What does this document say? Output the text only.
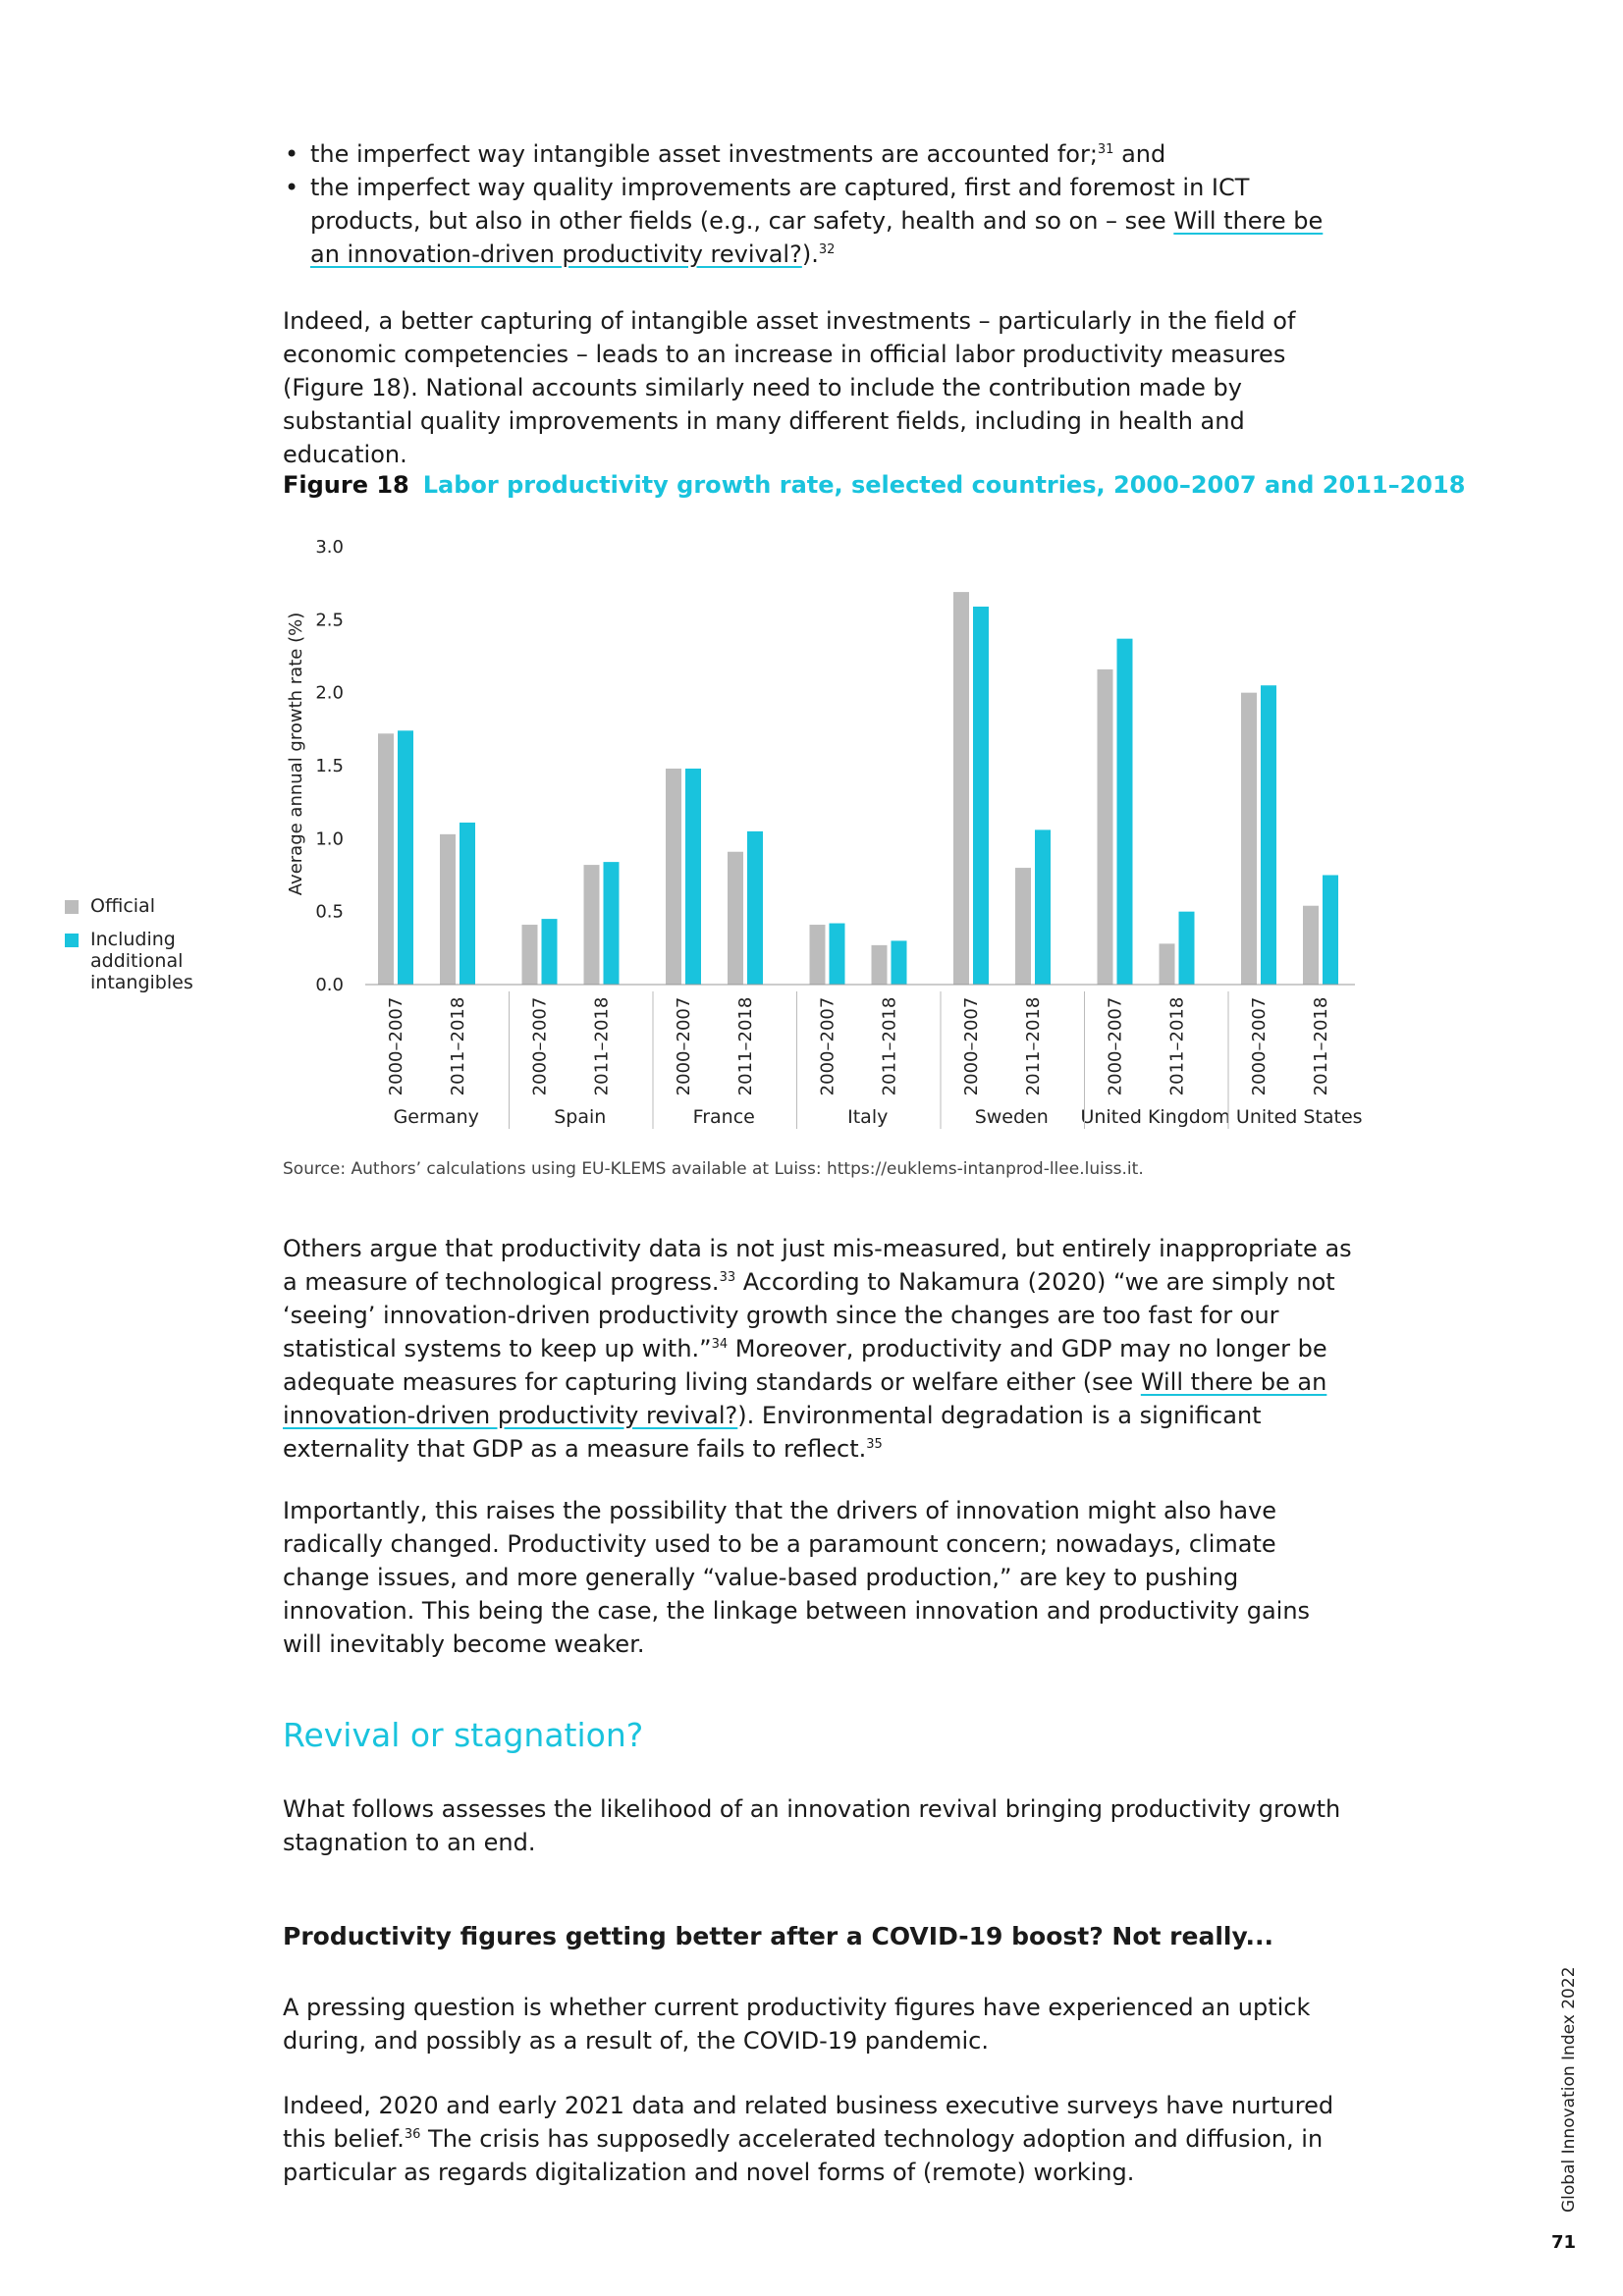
• the imperfect way intangible asset investments are accounted for;$^{31}$ and
• the imperfect way quality improvements are captured, first and foremost in ICT products, but also in other fields (e.g., car safety, health and so on – see Will there be an innovation-driven productivity revival?).$^{32}$

Indeed, a better capturing of intangible asset investments – particularly in the field of economic competencies – leads to an increase in official labor productivity measures (Figure 18). National accounts similarly need to include the contribution made by substantial quality improvements in many different fields, including in health and education.

Figure 18 Labor productivity growth rate, selected countries, 2000–2007 and 2011–2018

Official
Including additional intangibles	0.0
0.5
1.0
1.5
2.0
2.5
3.0
2000–2007 2011–2018
Germany
2000–2007 2011–2018
Spain
2000–2007 2011–2018
France
2000–2007 2011–2018
Italy
2000–2007 2011–2018
Sweden
2000–2007 2011–2018
United Kingdom
2000–2007 2011–2018
United States
Average annual growth rate (%)
Source: Authors’ calculations using EU-KLEMS available at Luiss: https://euklems-intanprod-llee.luiss.it.

Others argue that productivity data is not just mis-measured, but entirely inappropriate as a measure of technological progress.$^{33}$ According to Nakamura (2020) “we are simply not ‘seeing’ innovation-driven productivity growth since the changes are too fast for our statistical systems to keep up with.”$^{34}$ Moreover, productivity and GDP may no longer be adequate measures for capturing living standards or welfare either (see Will there be an innovation-driven productivity revival?). Environmental degradation is a significant externality that GDP as a measure fails to reflect.$^{35}$

Importantly, this raises the possibility that the drivers of innovation might also have radically changed. Productivity used to be a paramount concern; nowadays, climate change issues, and more generally “value-based production,” are key to pushing innovation. This being the case, the linkage between innovation and productivity gains will inevitably become weaker.

Revival or stagnation?

What follows assesses the likelihood of an innovation revival bringing productivity growth stagnation to an end.

Productivity figures getting better after a COVID-19 boost? Not really...

A pressing question is whether current productivity figures have experienced an uptick during, and possibly as a result of, the COVID-19 pandemic.

Indeed, 2020 and early 2021 data and related business executive surveys have nurtured this belief.$^{36}$ The crisis has supposedly accelerated technology adoption and diffusion, in particular as regards digitalization and novel forms of (remote) working.	Global Innovation Index 2022
71
